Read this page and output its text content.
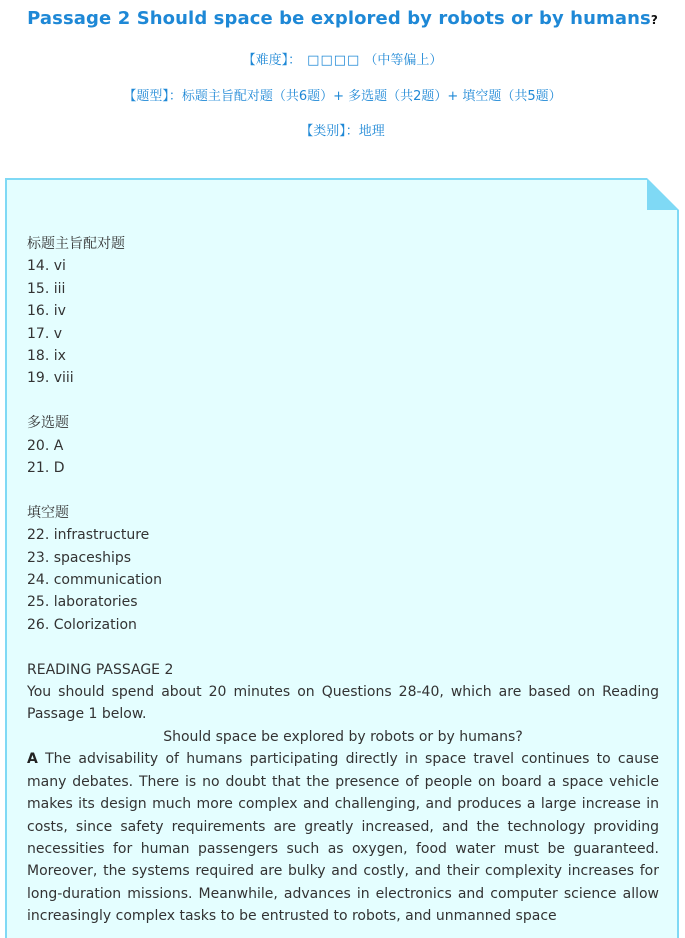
Passage 2 Should space be explored by robots or by humans?
【难度】： □□□□ （中等偏上）
【题型】：标题主旨配对题（共6题）+ 多选题（共2题）+ 填空题（共5题）
【类别】：地理
标题主旨配对题
14. vi
15. iii
16. iv
17. v
18. ix
19. viii
多选题
20. A
21. D
填空题
22. infrastructure
23. spaceships
24. communication
25. laboratories
26. Colorization
READING PASSAGE 2
You should spend about 20 minutes on Questions 28-40, which are based on Reading Passage 1 below.
Should space be explored by robots or by humans?
A The advisability of humans participating directly in space travel continues to cause many debates. There is no doubt that the presence of people on board a space vehicle makes its design much more complex and challenging, and produces a large increase in costs, since safety requirements are greatly increased, and the technology providing necessities for human passengers such as oxygen, food water must be guaranteed. Moreover, the systems required are bulky and costly, and their complexity increases for long-duration missions. Meanwhile, advances in electronics and computer science allow increasingly complex tasks to be entrusted to robots, and unmanned space
